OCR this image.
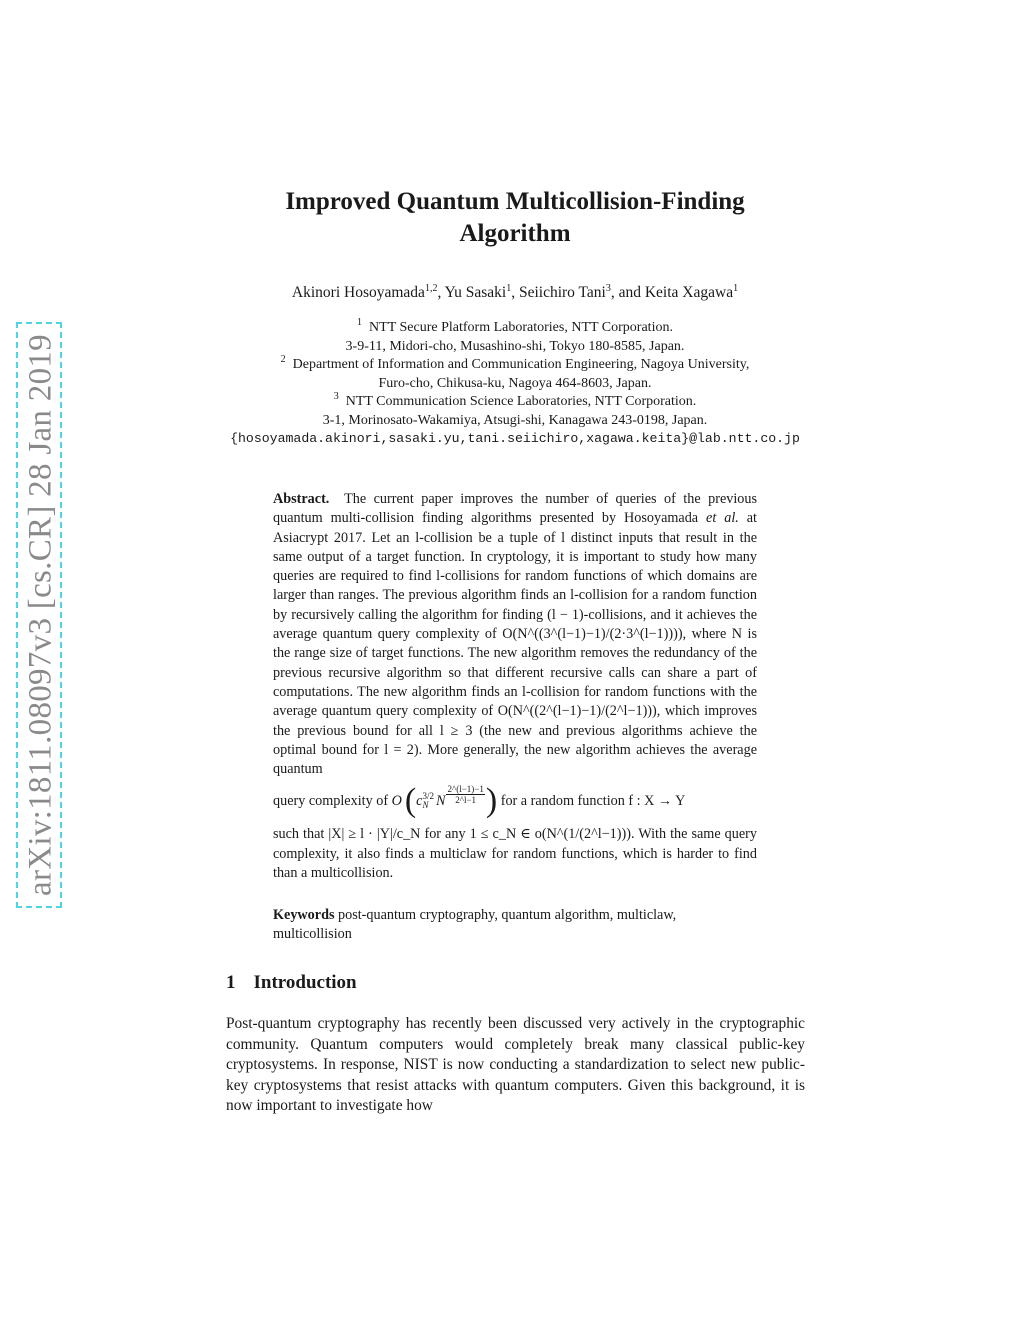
arXiv:1811.08097v3 [cs.CR] 28 Jan 2019
Improved Quantum Multicollision-Finding
Algorithm
Akinori Hosoyamada$^{1,2}$, Yu Sasaki$^1$, Seiichiro Tani$^3$, and Keita Xagawa$^1$
$^1$ NTT Secure Platform Laboratories, NTT Corporation.
3-9-11, Midori-cho, Musashino-shi, Tokyo 180-8585, Japan.
$^2$ Department of Information and Communication Engineering, Nagoya University,
Furo-cho, Chikusa-ku, Nagoya 464-8603, Japan.
$^3$ NTT Communication Science Laboratories, NTT Corporation.
3-1, Morinosato-Wakamiya, Atsugi-shi, Kanagawa 243-0198, Japan.
{hosoyamada.akinori,sasaki.yu,tani.seiichiro,xagawa.keita}@lab.ntt.co.jp

Abstract. The current paper improves the number of queries of the previous quantum multi-collision finding algorithms presented by Hosoyamada et al. at Asiacrypt 2017. Let an l-collision be a tuple of l distinct inputs that result in the same output of a target function. In cryptology, it is important to study how many queries are required to find l-collisions for random functions of which domains are larger than ranges. The previous algorithm finds an l-collision for a random function by recursively calling the algorithm for finding (l − 1)-collisions, and it achieves the average quantum query complexity of O(N^((3^(l−1)−1)/(2·3^(l−1)))), where N is the range size of target functions. The new algorithm removes the redundancy of the previous recursive algorithm so that different recursive calls can share a part of computations. The new algorithm finds an l-collision for random functions with the average quantum query complexity of O(N^((2^(l−1)−1)/(2^l−1))), which improves the previous bound for all l ≥ 3 (the new and previous algorithms achieve the optimal bound for l = 2). More generally, the new algorithm achieves the average quantum

query complexity of
O ( c 3/2
N N $\frac{2\^{}(l-1)-1}{2\^{}l-1}$ )
for a random function f : X → Y

such that |X| ≥ l · |Y|/c_N for any 1 ≤ c_N ∈ o(N^(1/(2^l−1))). With the same query complexity, it also finds a multiclaw for random functions, which is harder to find than a multicollision.

Keywords post-quantum cryptography, quantum algorithm, multiclaw, multicollision
1 Introduction

Post-quantum cryptography has recently been discussed very actively in the cryptographic community. Quantum computers would completely break many classical public-key cryptosystems. In response, NIST is now conducting a standardization to select new public-key cryptosystems that resist attacks with quantum computers. Given this background, it is now important to investigate how
